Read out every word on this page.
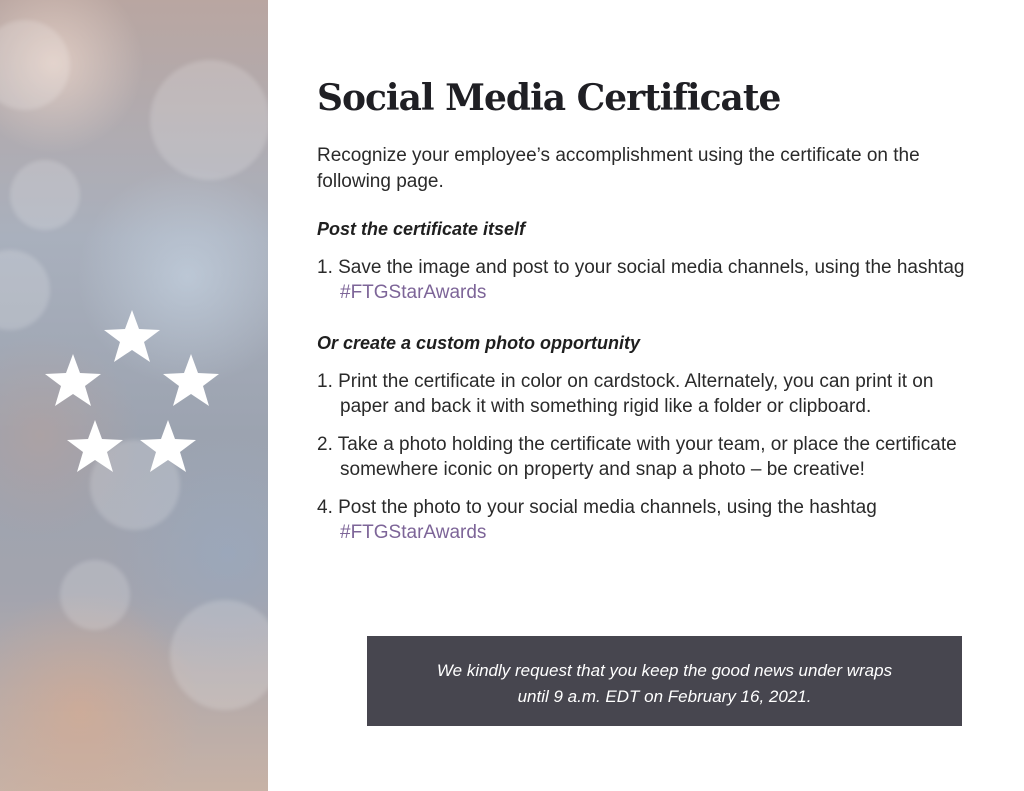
Social Media Certificate
Recognize your employee’s accomplishment using the certificate on the following page.
Post the certificate itself
1. Save the image and post to your social media channels, using the hashtag #FTGStarAwards
Or create a custom photo opportunity
1. Print the certificate in color on cardstock. Alternately, you can print it on paper and back it with something rigid like a folder or clipboard.
2. Take a photo holding the certificate with your team, or place the certificate somewhere iconic on property and snap a photo – be creative!
4. Post the photo to your social media channels, using the hashtag #FTGStarAwards
We kindly request that you keep the good news under wraps
until 9 a.m. EDT on February 16, 2021.
